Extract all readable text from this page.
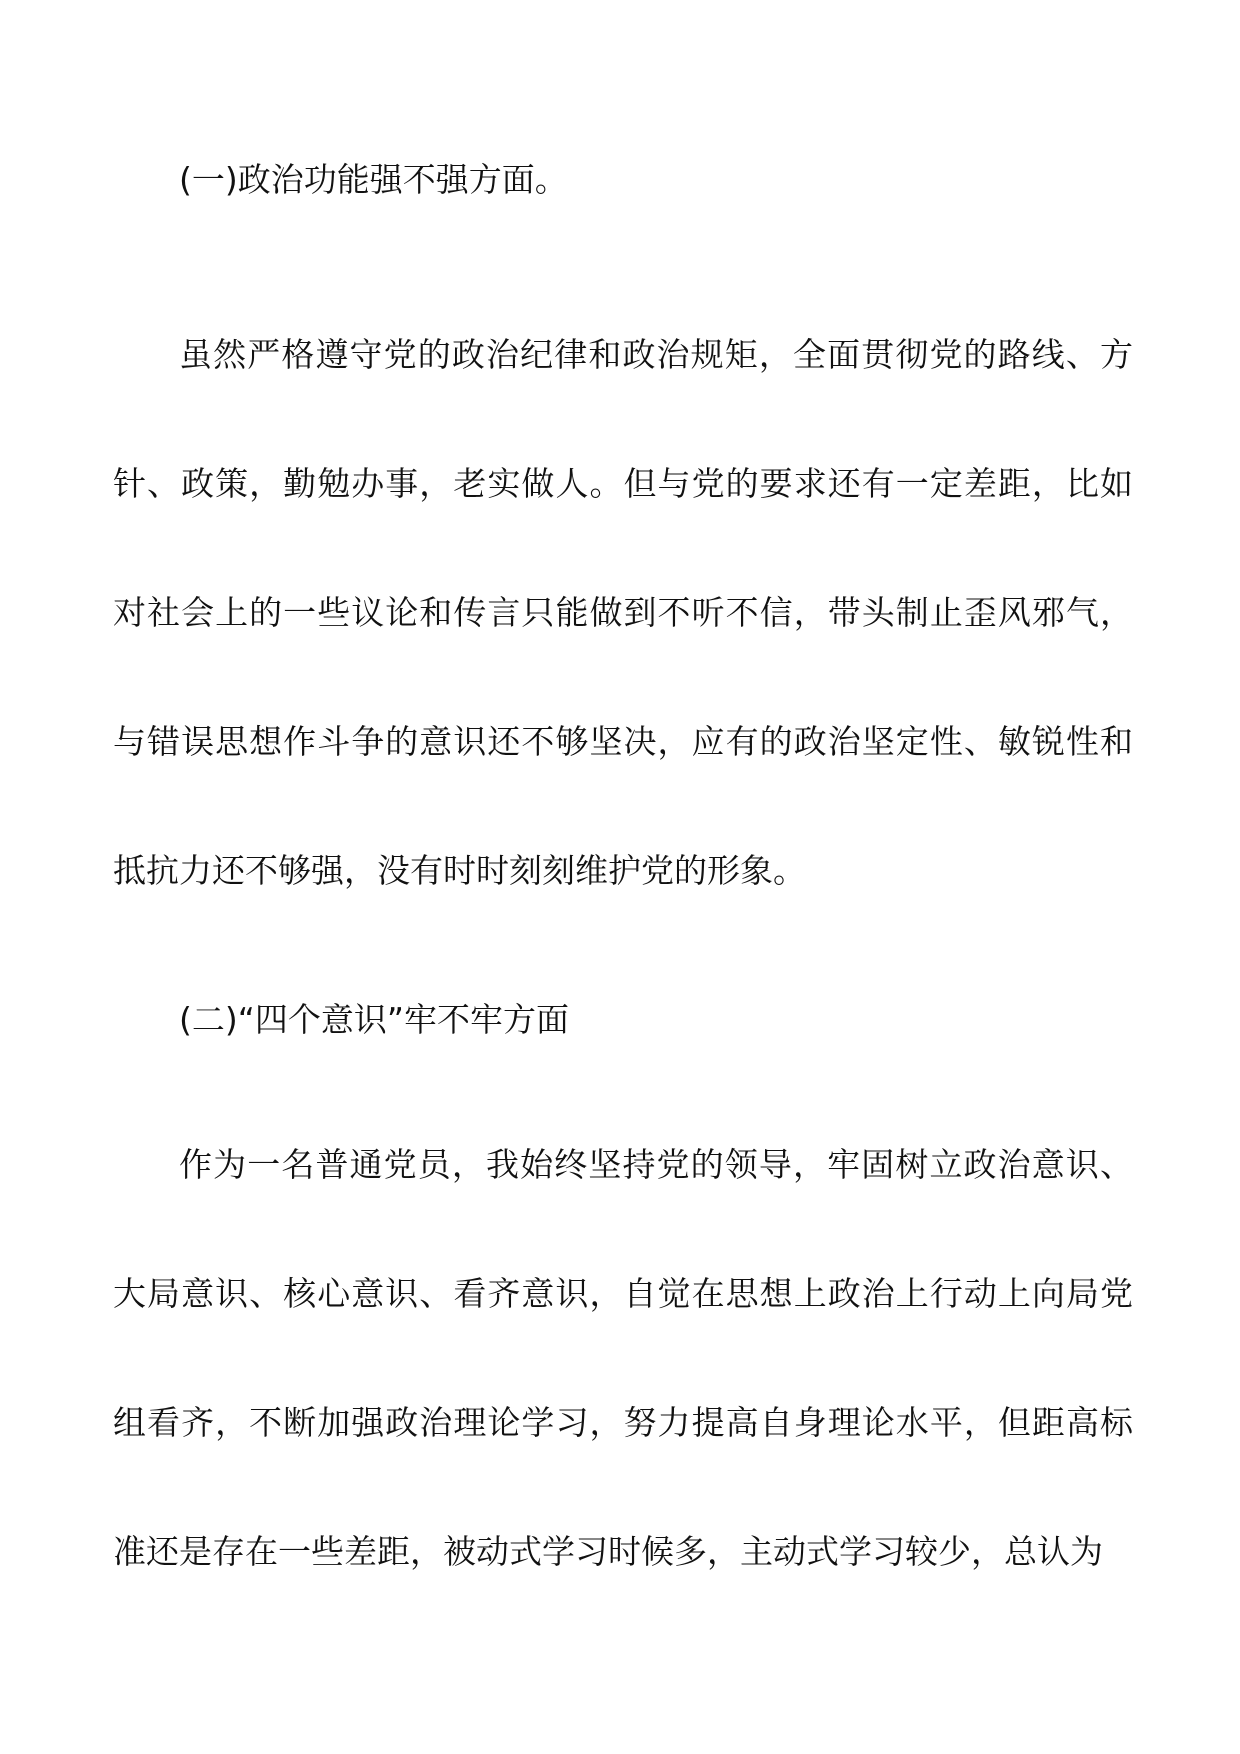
(一)政治功能强不强方面。

虽然严格遵守党的政治纪律和政治规矩，全面贯彻党的路线、方针、政策，勤勉办事，老实做人。但与党的要求还有一定差距，比如对社会上的一些议论和传言只能做到不听不信，带头制止歪风邪气，与错误思想作斗争的意识还不够坚决，应有的政治坚定性、敏锐性和抵抗力还不够强，没有时时刻刻维护党的形象。

(二)“四个意识”牢不牢方面

作为一名普通党员，我始终坚持党的领导，牢固树立政治意识、大局意识、核心意识、看齐意识，自觉在思想上政治上行动上向局党组看齐，不断加强政治理论学习，努力提高自身理论水平，但距高标准还是存在一些差距，被动式学习时候多，主动式学习较少，总认为
